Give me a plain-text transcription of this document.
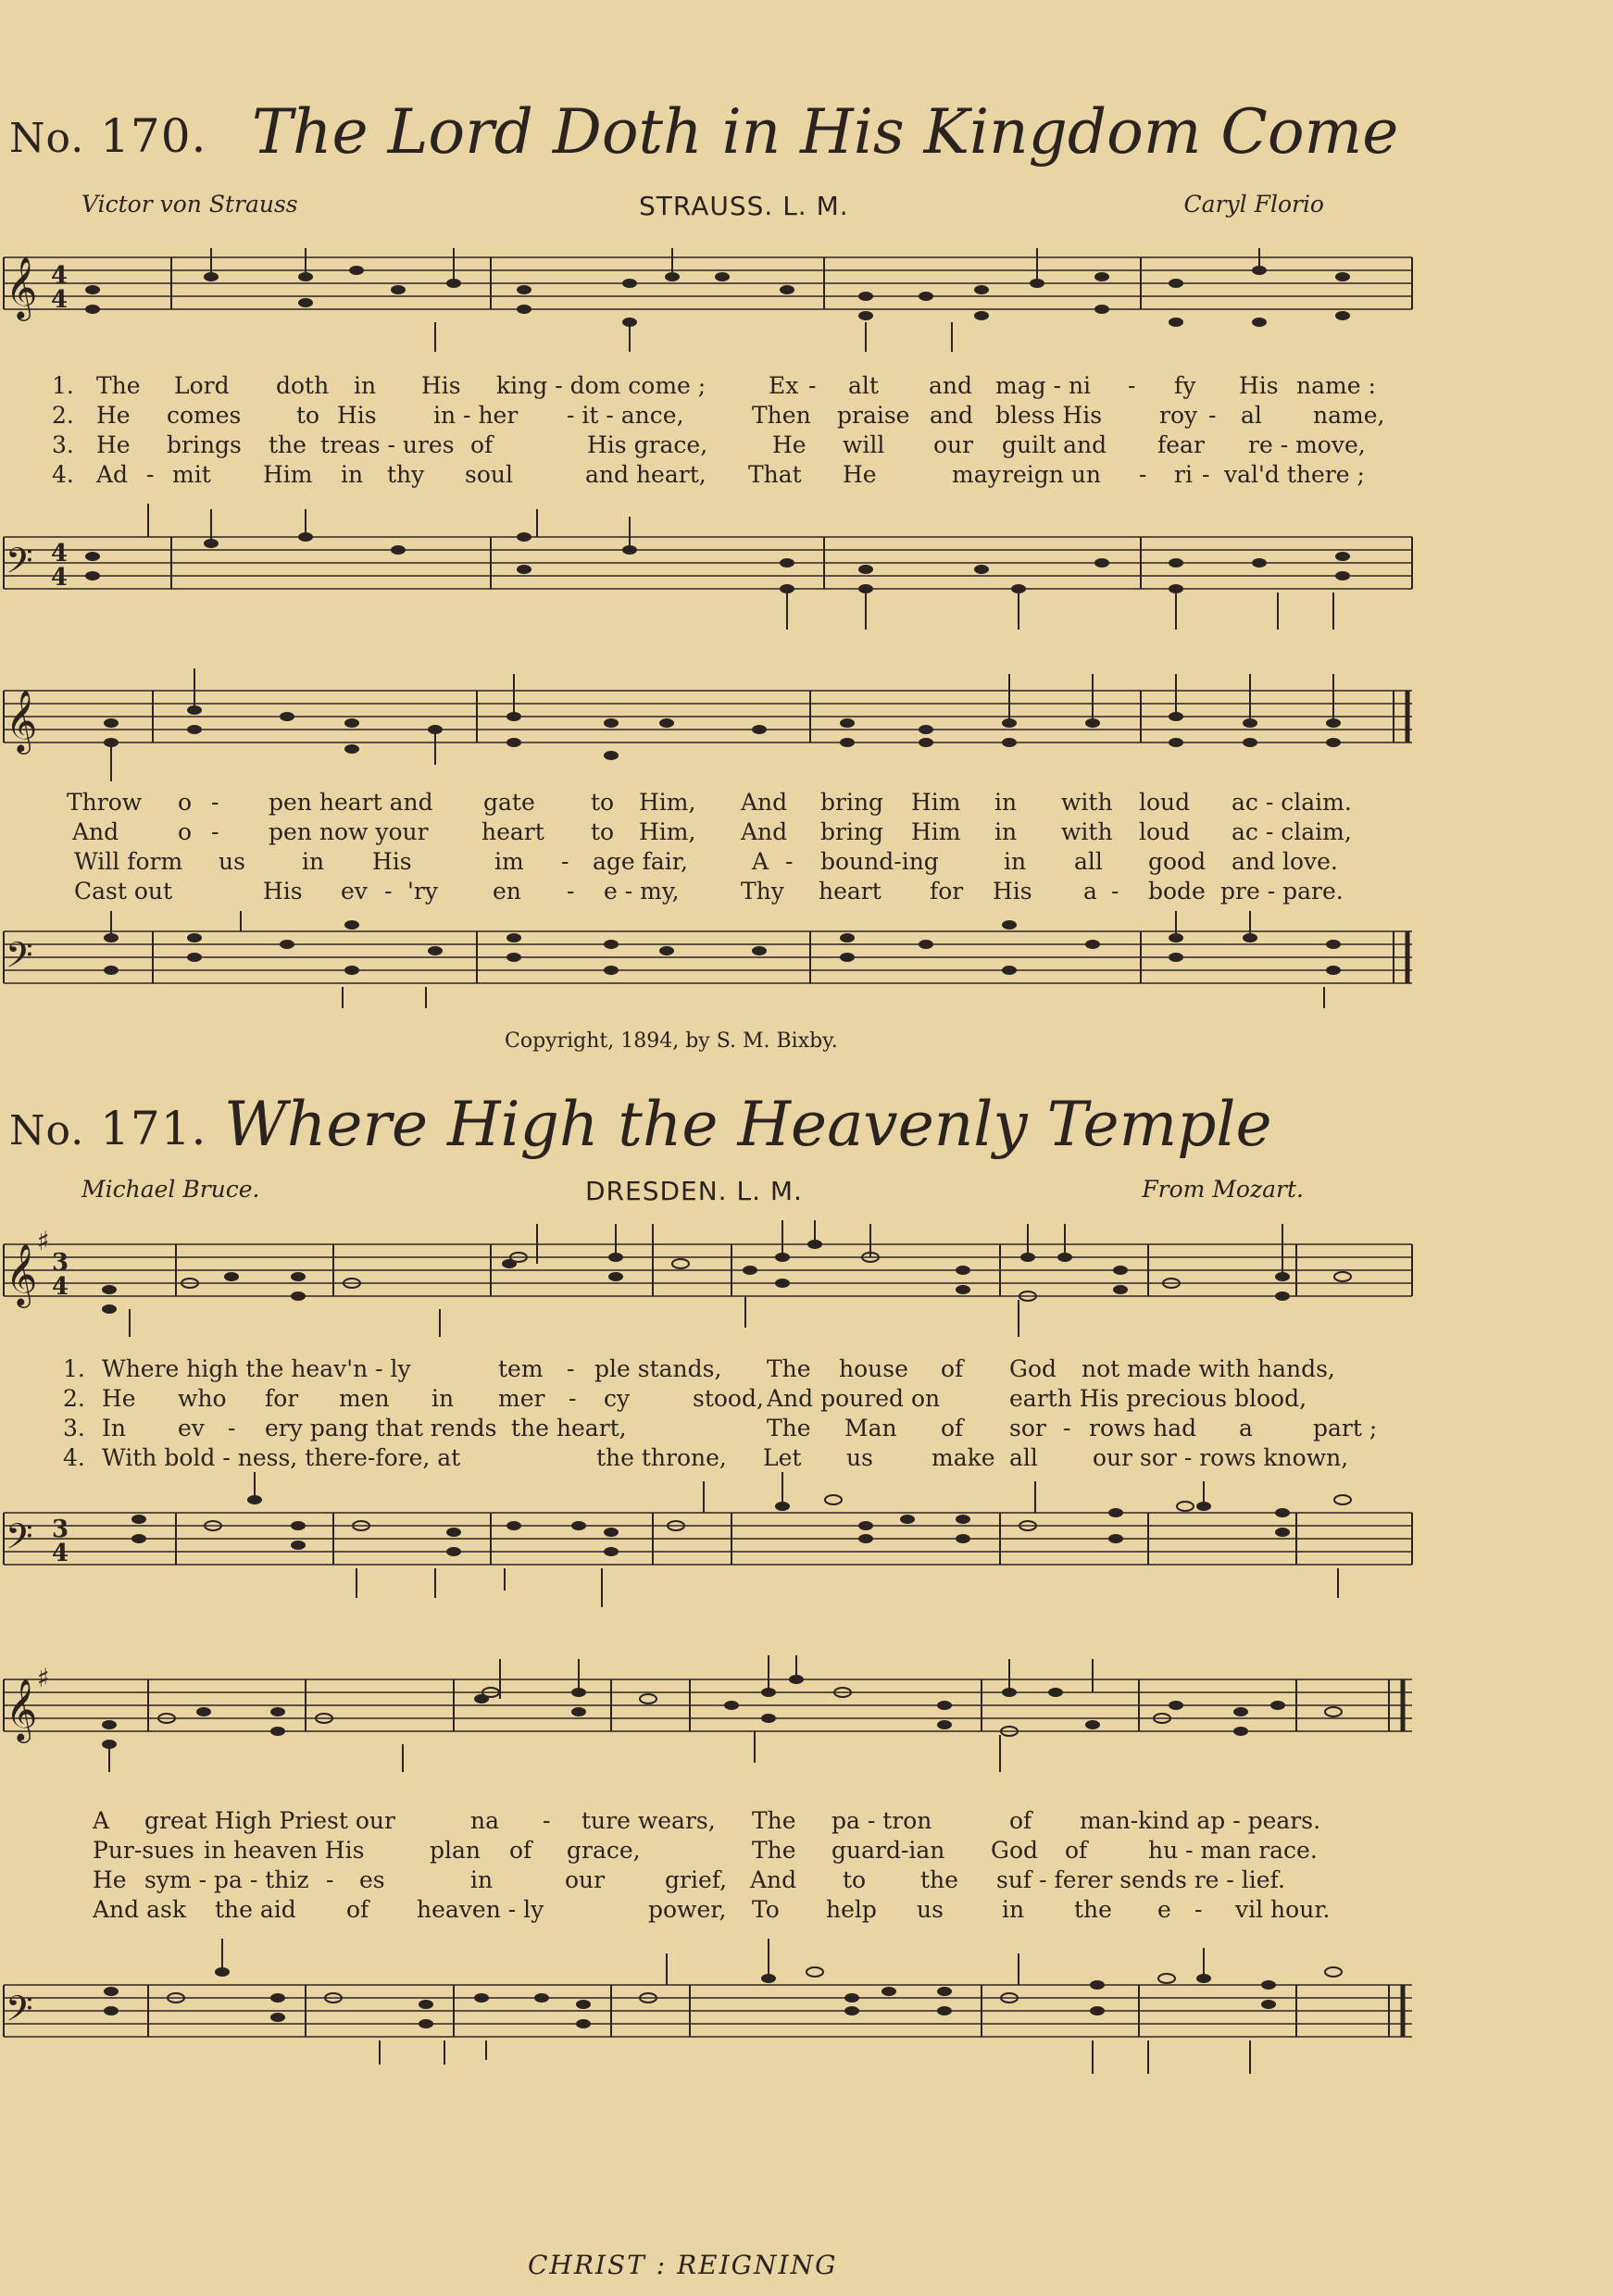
No. 170. The Lord Doth in His Kingdom Come
Victor von Strauss	STRAUSS. L. M.	Caryl Florio
𝄞 4
4
1. The Lord doth in His king - dom come ;	Ex - alt and mag - ni - fy His name :
2. He comes to His in - her - it - ance,	Then praise and bless His roy - al name,
3. He brings the treas - ures of	His grace,	He will our guilt and fear re - move,
4. Ad - mit Him in thy soul	and heart, That He	may reign un - ri - val'd there ;
𝄢 4
4
𝄞
Throw o - pen heart and gate to Him, And bring Him in with loud ac - claim.
And	o - pen now your heart to Him, And bring Him in with loud ac - claim,
Will form us in His	im - age fair,	A - bound-ing	in all good and love.
Cast out	His ev - 'ry en - e - my,	Thy heart for His a - bode pre - pare.
𝄢
Copyright, 1894, by S. M. Bixby.
No. 171. Where High the Heavenly Temple
Michael Bruce.	DRESDEN. L. M.	From Mozart.
𝄞
♯
3
4
1. Where high the heav'n - ly	tem - ple stands, The house of God not made with hands,
2. He who for men in mer - cy	stood, And poured on	earth His precious blood,
3. In ev - ery pang that rends the heart,	The Man of sor - rows had a	part ;
4. With bold - ness, there-fore, at	the throne, Let us	make all our sor - rows known,
𝄢 3
4
𝄞 ♯
A great High Priest our	na - ture wears, The pa - tron	of man-kind ap - pears.
Pur-sues in heaven His	plan of grace,	The guard-ian God of	hu - man race.
He sym - pa - thiz - es	in	our	grief, And to the suf - ferer sends re - lief.
And ask the aid of heaven - ly	power, To help us	in the e - vil hour.
𝄢
CHRIST : REIGNING
